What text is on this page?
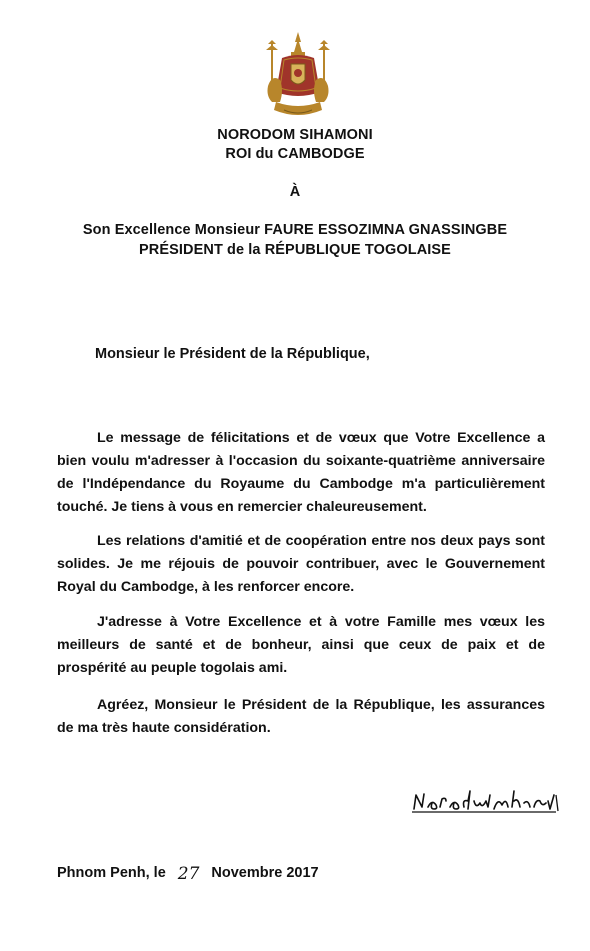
NORODOM SIHAMONI
ROI du CAMBODGE
À
Son Excellence Monsieur FAURE ESSOZIMNA GNASSINGBE
PRÉSIDENT de la RÉPUBLIQUE TOGOLAISE
Monsieur le Président de la République,

Le message de félicitations et de vœux que Votre Excellence a bien voulu m'adresser à l'occasion du soixante-quatrième anniversaire de l'Indépendance du Royaume du Cambodge m'a particulièrement touché. Je tiens à vous en remercier chaleureusement.

Les relations d'amitié et de coopération entre nos deux pays sont solides. Je me réjouis de pouvoir contribuer, avec le Gouvernement Royal du Cambodge, à les renforcer encore.

J'adresse à Votre Excellence et à votre Famille mes vœux les meilleurs de santé et de bonheur, ainsi que ceux de paix et de prospérité au peuple togolais ami.

Agréez, Monsieur le Président de la République, les assurances de ma très haute considération.

Phnom Penh, le 27 Novembre 2017
